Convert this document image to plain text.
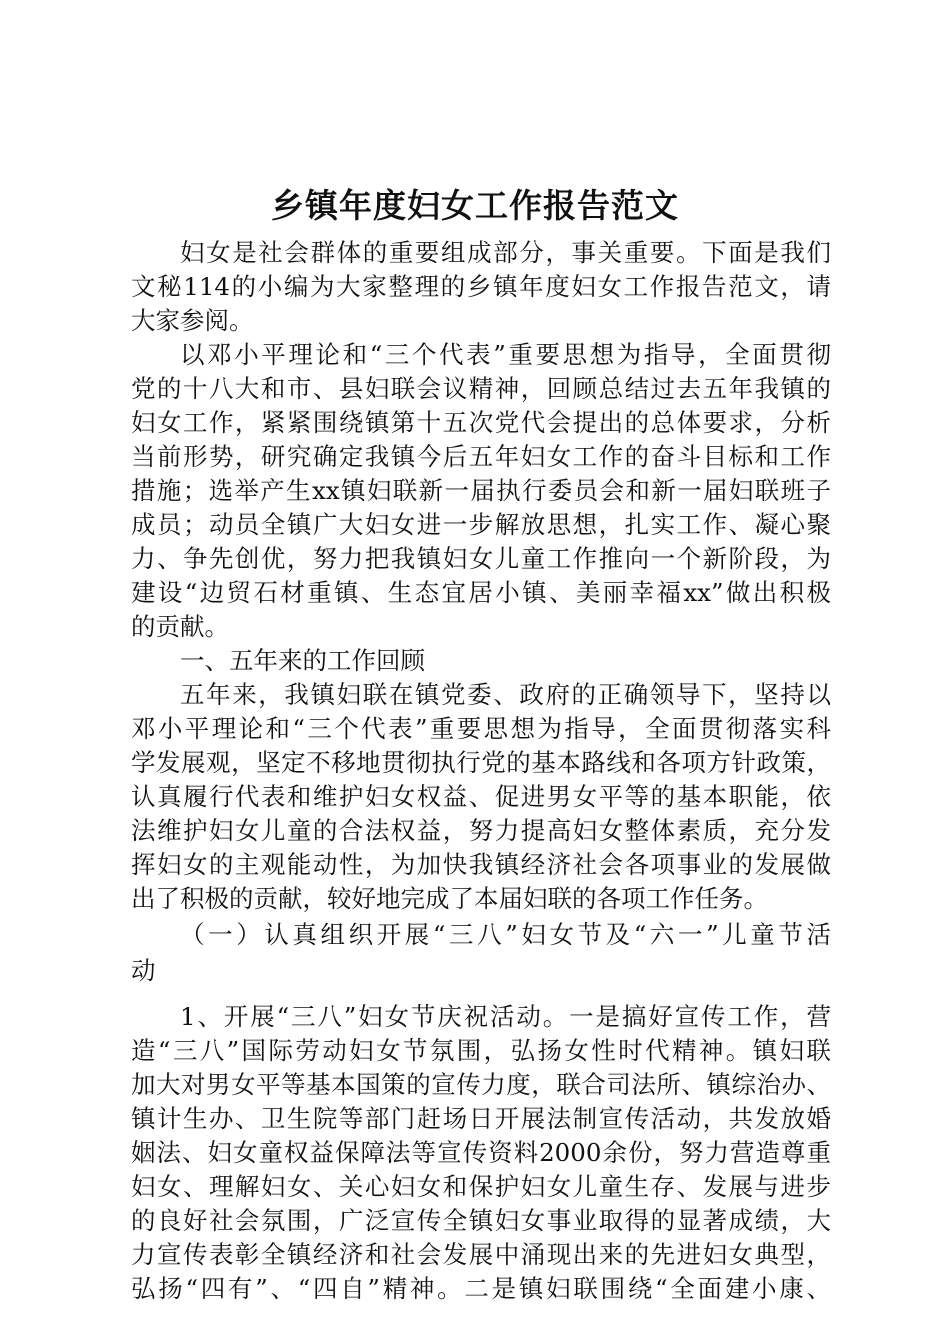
乡镇年度妇女工作报告范文
妇女是社会群体的重要组成部分，事关重要。下面是我们
文秘114的小编为大家整理的乡镇年度妇女工作报告范文，请
大家参阅。
以邓小平理论和“三个代表”重要思想为指导，全面贯彻
党的十八大和市、县妇联会议精神，回顾总结过去五年我镇的
妇女工作，紧紧围绕镇第十五次党代会提出的总体要求，分析
当前形势，研究确定我镇今后五年妇女工作的奋斗目标和工作
措施；选举产生xx镇妇联新一届执行委员会和新一届妇联班子
成员；动员全镇广大妇女进一步解放思想，扎实工作、凝心聚
力、争先创优，努力把我镇妇女儿童工作推向一个新阶段，为
建设“边贸石材重镇、生态宜居小镇、美丽幸福xx”做出积极
的贡献。
一、五年来的工作回顾
五年来，我镇妇联在镇党委、政府的正确领导下，坚持以
邓小平理论和“三个代表”重要思想为指导，全面贯彻落实科
学发展观，坚定不移地贯彻执行党的基本路线和各项方针政策，
认真履行代表和维护妇女权益、促进男女平等的基本职能，依
法维护妇女儿童的合法权益，努力提高妇女整体素质，充分发
挥妇女的主观能动性，为加快我镇经济社会各项事业的发展做
出了积极的贡献，较好地完成了本届妇联的各项工作任务。
（一）认真组织开展“三八”妇女节及“六一”儿童节活
动
1、开展“三八”妇女节庆祝活动。一是搞好宣传工作，营
造“三八”国际劳动妇女节氛围，弘扬女性时代精神。镇妇联
加大对男女平等基本国策的宣传力度，联合司法所、镇综治办、
镇计生办、卫生院等部门赶场日开展法制宣传活动，共发放婚
姻法、妇女童权益保障法等宣传资料2000余份，努力营造尊重
妇女、理解妇女、关心妇女和保护妇女儿童生存、发展与进步
的良好社会氛围，广泛宣传全镇妇女事业取得的显著成绩，大
力宣传表彰全镇经济和社会发展中涌现出来的先进妇女典型，
弘扬“四有”、“四自”精神。二是镇妇联围绕“全面建小康、
